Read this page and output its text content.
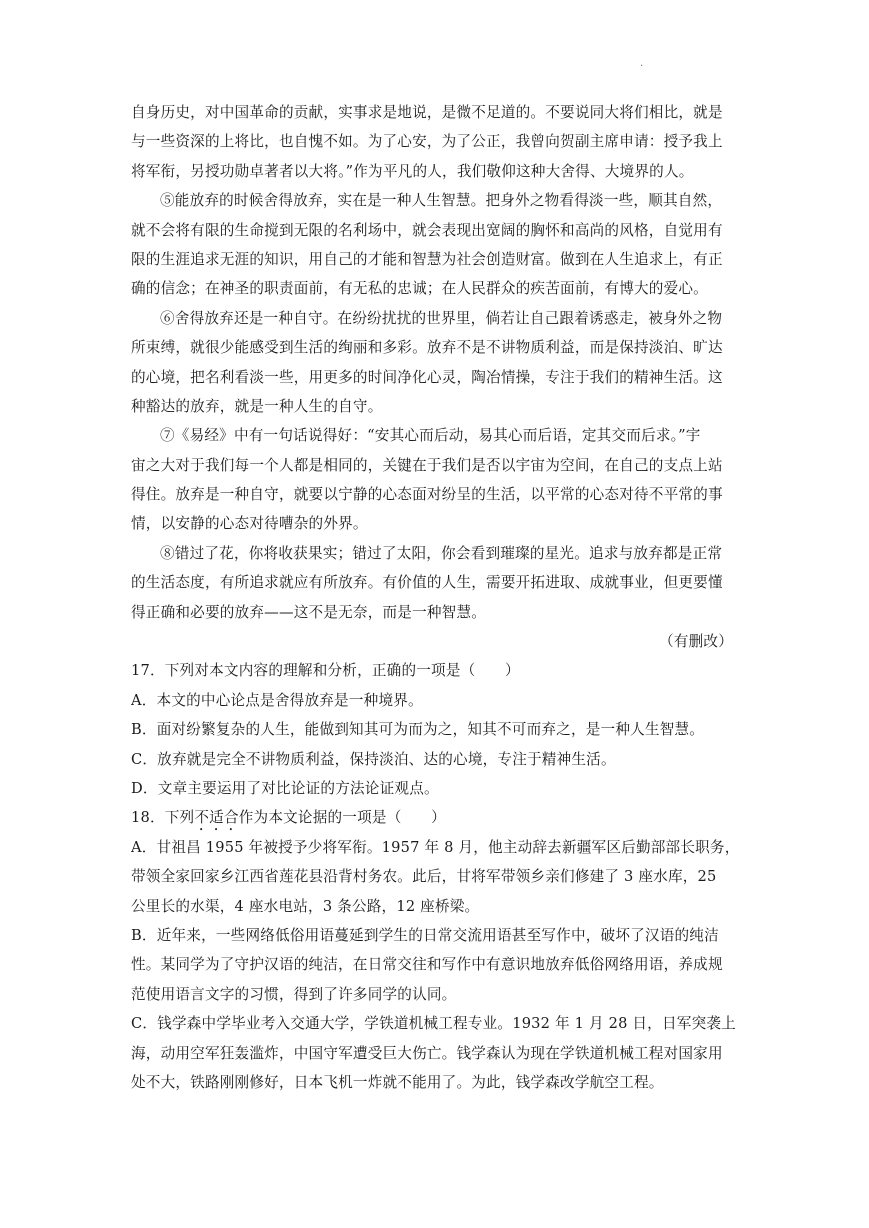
.
自身历史，对中国革命的贡献，实事求是地说，是微不足道的。不要说同大将们相比，就是
与一些资深的上将比，也自愧不如。为了心安，为了公正，我曾向贺副主席申请：授予我上
将军衔，另授功勋卓著者以大将。”作为平凡的人，我们敬仰这种大舍得、大境界的人。
⑤能放弃的时候舍得放弃，实在是一种人生智慧。把身外之物看得淡一些，顺其自然，
就不会将有限的生命搅到无限的名利场中，就会表现出宽阔的胸怀和高尚的风格，自觉用有
限的生涯追求无涯的知识，用自己的才能和智慧为社会创造财富。做到在人生追求上，有正
确的信念；在神圣的职责面前，有无私的忠诚；在人民群众的疾苦面前，有博大的爱心。
⑥舍得放弃还是一种自守。在纷纷扰扰的世界里，倘若让自己跟着诱惑走，被身外之物
所束缚，就很少能感受到生活的绚丽和多彩。放弃不是不讲物质利益，而是保持淡泊、旷达
的心境，把名利看淡一些，用更多的时间净化心灵，陶冶情操，专注于我们的精神生活。这
种豁达的放弃，就是一种人生的自守。
⑦《易经》中有一句话说得好：“安其心而后动，易其心而后语，定其交而后求。”宇
宙之大对于我们每一个人都是相同的，关键在于我们是否以宇宙为空间，在自己的支点上站
得住。放弃是一种自守，就要以宁静的心态面对纷呈的生活，以平常的心态对待不平常的事
情，以安静的心态对待嘈杂的外界。
⑧错过了花，你将收获果实；错过了太阳，你会看到璀璨的星光。追求与放弃都是正常
的生活态度，有所追求就应有所放弃。有价值的人生，需要开拓进取、成就事业，但更要懂
得正确和必要的放弃——这不是无奈，而是一种智慧。
（有删改）
17．下列对本文内容的理解和分析，正确的一项是（　　）
A．本文的中心论点是舍得放弃是一种境界。
B．面对纷繁复杂的人生，能做到知其可为而为之，知其不可而弃之，是一种人生智慧。
C．放弃就是完全不讲物质利益，保持淡泊、达的心境，专注于精神生活。
D．文章主要运用了对比论证的方法论证观点。
18．下列不适合作为本文论据的一项是（　　）
A．甘祖昌 1955 年被授予少将军衔。1957 年 8 月，他主动辞去新疆军区后勤部部长职务，
带领全家回家乡江西省莲花县沿背村务农。此后，甘将军带领乡亲们修建了 3 座水库，25
公里长的水渠，4 座水电站，3 条公路，12 座桥梁。
B．近年来，一些网络低俗用语蔓延到学生的日常交流用语甚至写作中，破坏了汉语的纯洁
性。某同学为了守护汉语的纯洁，在日常交往和写作中有意识地放弃低俗网络用语，养成规
范使用语言文字的习惯，得到了许多同学的认同。
C．钱学森中学毕业考入交通大学，学铁道机械工程专业。1932 年 1 月 28 日，日军突袭上
海，动用空军狂轰滥炸，中国守军遭受巨大伤亡。钱学森认为现在学铁道机械工程对国家用
处不大，铁路刚刚修好，日本飞机一炸就不能用了。为此，钱学森改学航空工程。
